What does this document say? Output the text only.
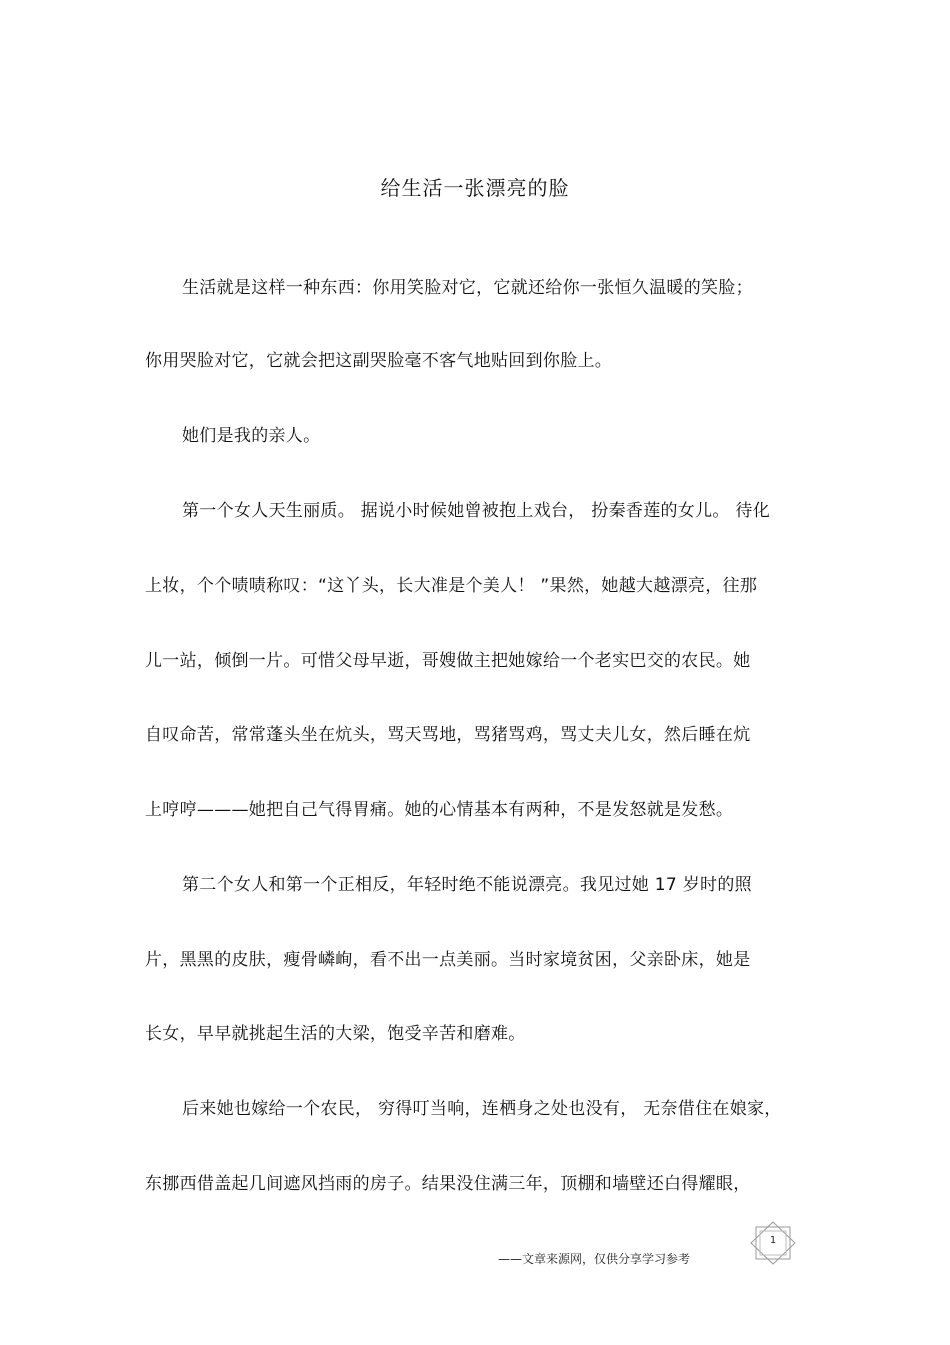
给生活一张漂亮的脸
生活就是这样一种东西：你用笑脸对它，它就还给你一张恒久温暖的笑脸；
你用哭脸对它，它就会把这副哭脸毫不客气地贴回到你脸上。
她们是我的亲人。
第一个女人天生丽质。 据说小时候她曾被抱上戏台， 扮秦香莲的女儿。 待化
上妆，个个啧啧称叹：“这丫头，长大准是个美人！ ”果然，她越大越漂亮，往那
儿一站，倾倒一片。可惜父母早逝，哥嫂做主把她嫁给一个老实巴交的农民。她
自叹命苦，常常蓬头坐在炕头，骂天骂地，骂猪骂鸡，骂丈夫儿女，然后睡在炕
上哼哼———她把自己气得胃痛。她的心情基本有两种，不是发怒就是发愁。
第二个女人和第一个正相反，年轻时绝不能说漂亮。我见过她 17 岁时的照
片，黑黑的皮肤，瘦骨嶙峋，看不出一点美丽。当时家境贫困，父亲卧床，她是
长女，早早就挑起生活的大梁，饱受辛苦和磨难。
后来她也嫁给一个农民， 穷得叮当响，连栖身之处也没有， 无奈借住在娘家，
东挪西借盖起几间遮风挡雨的房子。结果没住满三年，顶棚和墙壁还白得耀眼，
——文章来源网，仅供分享学习参考
1
